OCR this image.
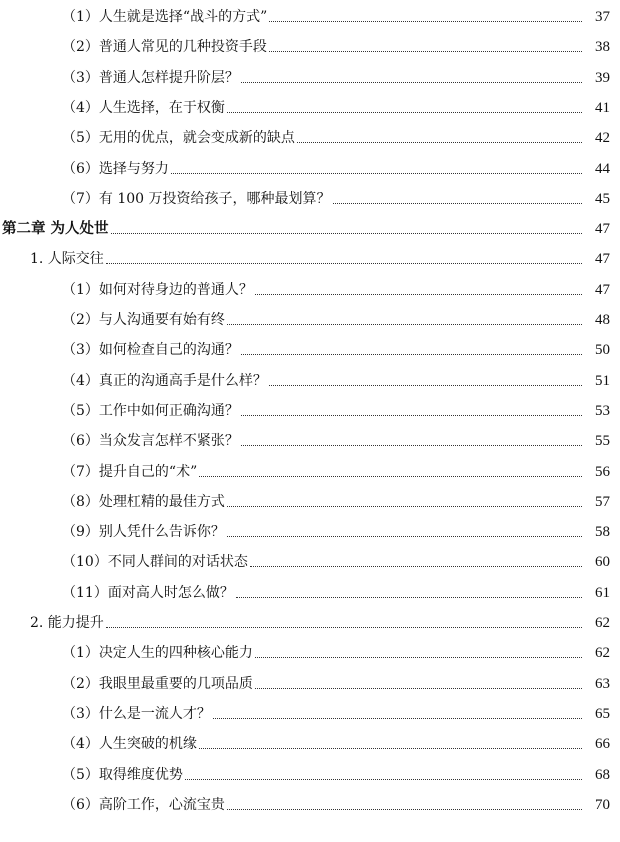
（1）人生就是选择“战斗的方式”	37
（2）普通人常见的几种投资手段	38
（3）普通人怎样提升阶层？	39
（4）人生选择，在于权衡	41
（5）无用的优点，就会变成新的缺点	42
（6）选择与努力	44
（7）有 100 万投资给孩子，哪种最划算？	45
第二章 为人处世	47
1. 人际交往	47
（1）如何对待身边的普通人？	47
（2）与人沟通要有始有终	48
（3）如何检查自己的沟通？	50
（4）真正的沟通高手是什么样？	51
（5）工作中如何正确沟通？	53
（6）当众发言怎样不紧张？	55
（7）提升自己的“术”	56
（8）处理杠精的最佳方式	57
（9）别人凭什么告诉你？	58
（10）不同人群间的对话状态	60
（11）面对高人时怎么做？	61
2. 能力提升	62
（1）决定人生的四种核心能力	62
（2）我眼里最重要的几项品质	63
（3）什么是一流人才？	65
（4）人生突破的机缘	66
（5）取得维度优势	68
（6）高阶工作，心流宝贵	70
